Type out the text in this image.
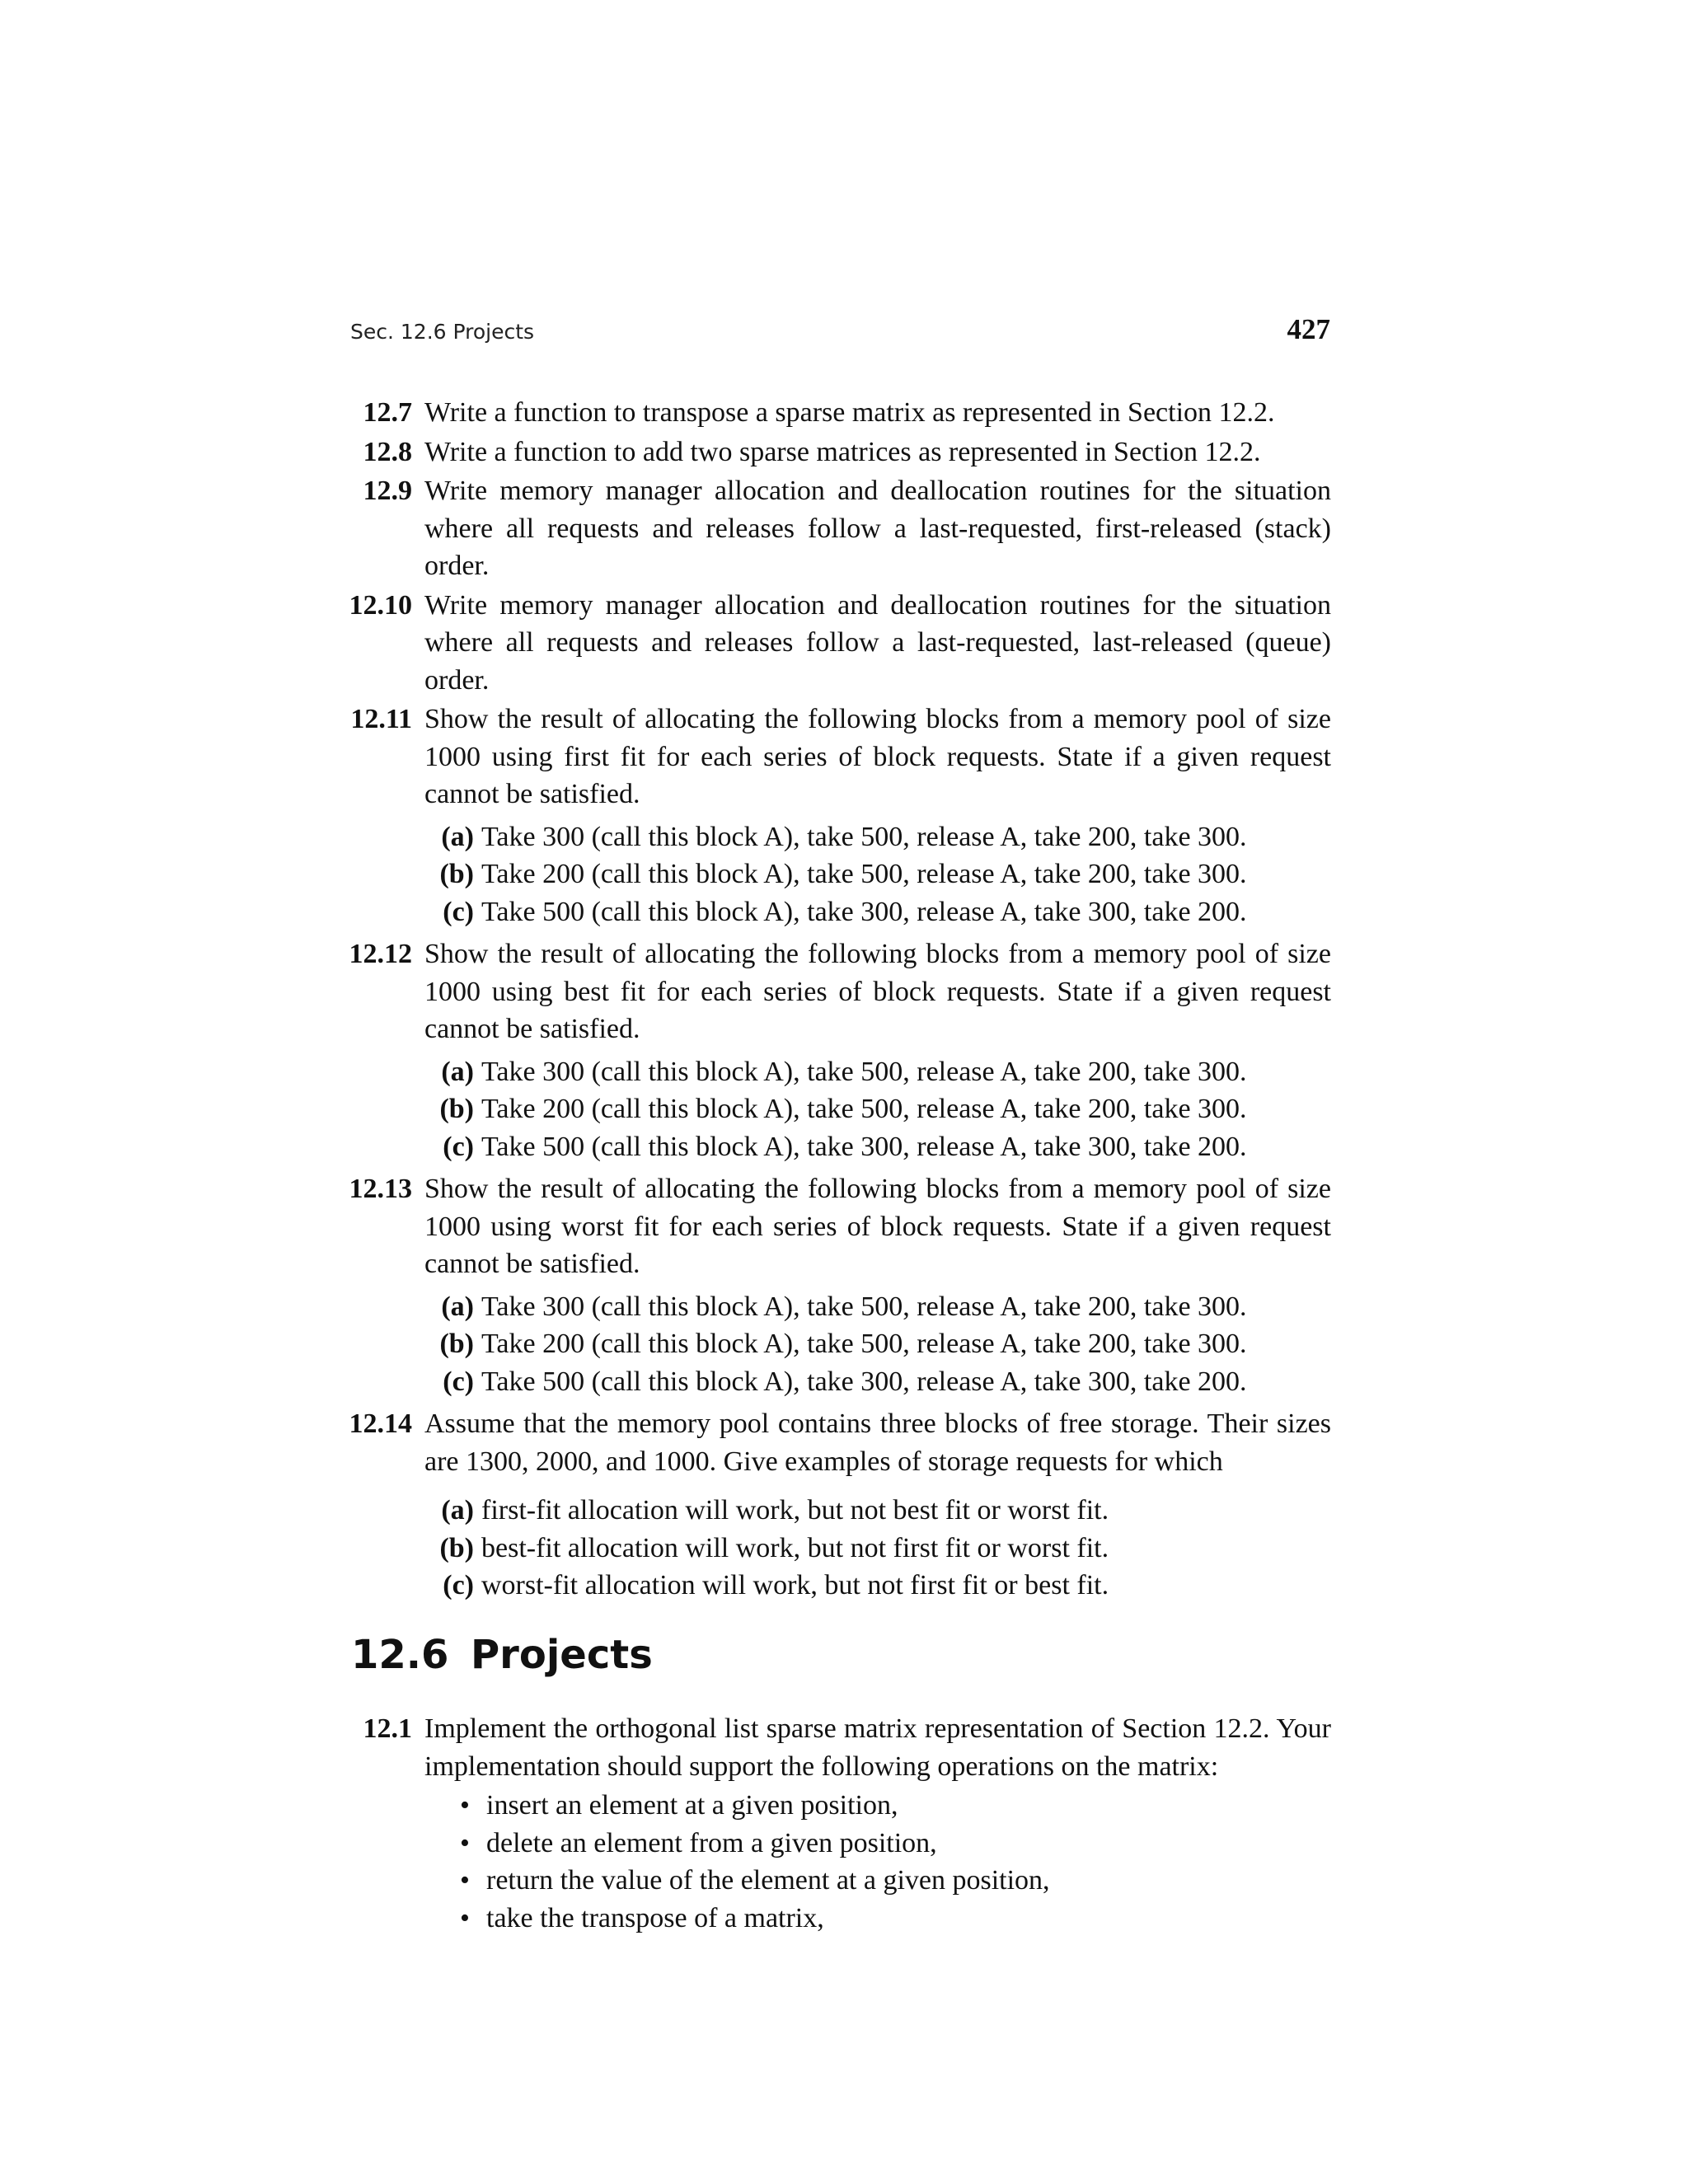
Sec. 12.6 Projects	427
12.7 Write a function to transpose a sparse matrix as represented in Section 12.2.
12.8 Write a function to add two sparse matrices as represented in Section 12.2.
12.9 Write memory manager allocation and deallocation routines for the situation where all requests and releases follow a last-requested, first-released (stack) order.
12.10 Write memory manager allocation and deallocation routines for the situation where all requests and releases follow a last-requested, last-released (queue) order.
12.11 Show the result of allocating the following blocks from a memory pool of size 1000 using first fit for each series of block requests. State if a given request cannot be satisfied.
(a) Take 300 (call this block A), take 500, release A, take 200, take 300.
(b) Take 200 (call this block A), take 500, release A, take 200, take 300.
(c) Take 500 (call this block A), take 300, release A, take 300, take 200.
12.12 Show the result of allocating the following blocks from a memory pool of size 1000 using best fit for each series of block requests. State if a given request cannot be satisfied.
(a) Take 300 (call this block A), take 500, release A, take 200, take 300.
(b) Take 200 (call this block A), take 500, release A, take 200, take 300.
(c) Take 500 (call this block A), take 300, release A, take 300, take 200.
12.13 Show the result of allocating the following blocks from a memory pool of size 1000 using worst fit for each series of block requests. State if a given request cannot be satisfied.
(a) Take 300 (call this block A), take 500, release A, take 200, take 300.
(b) Take 200 (call this block A), take 500, release A, take 200, take 300.
(c) Take 500 (call this block A), take 300, release A, take 300, take 200.
12.14 Assume that the memory pool contains three blocks of free storage. Their sizes are 1300, 2000, and 1000. Give examples of storage requests for which
(a) first-fit allocation will work, but not best fit or worst fit.
(b) best-fit allocation will work, but not first fit or worst fit.
(c) worst-fit allocation will work, but not first fit or best fit.
12.6 Projects
12.1 Implement the orthogonal list sparse matrix representation of Section 12.2. Your implementation should support the following operations on the matrix:
• insert an element at a given position,
• delete an element from a given position,
• return the value of the element at a given position,
• take the transpose of a matrix,
